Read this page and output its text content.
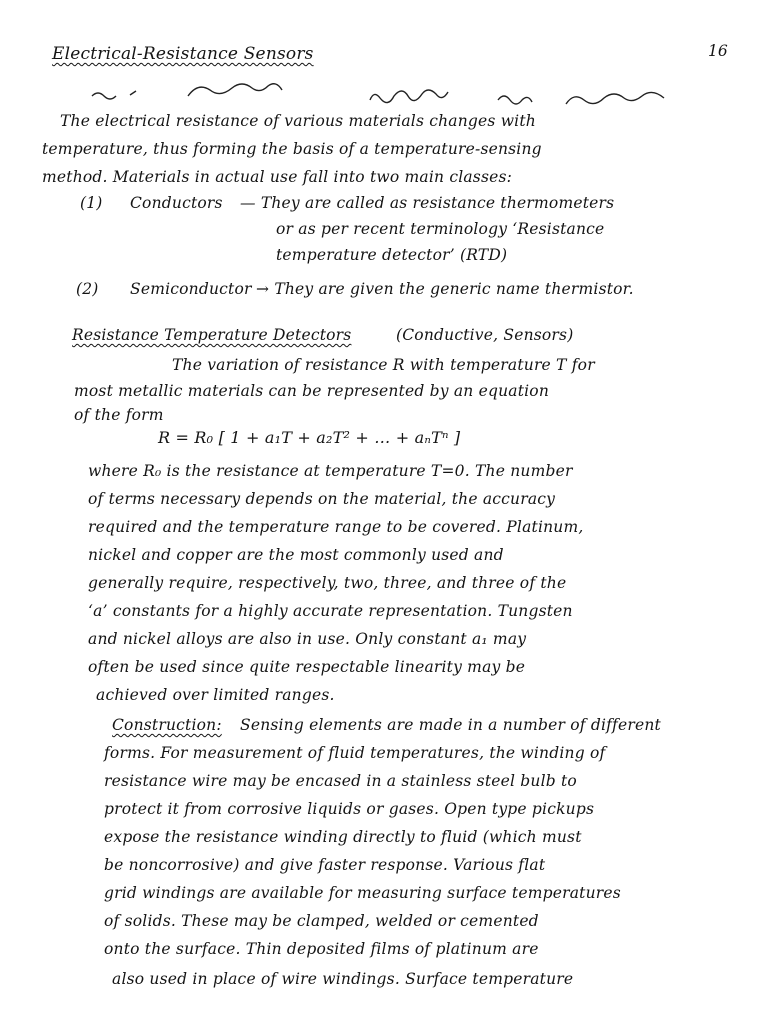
Electrical-Resistance Sensors	16
The electrical resistance of various materials changes with
temperature, thus forming the basis of a temperature-sensing
method. Materials in actual use fall into two main classes:
(1) Conductors — They are called as resistance thermometers
or as per recent terminology ‘Resistance
temperature detector’ (RTD)
(2) Semiconductor → They are given the generic name thermistor.
Resistance Temperature Detectors	(Conductive, Sensors)
The variation of resistance R with temperature T for
most metallic materials can be represented by an equation
of the form
R = R₀ [ 1 + a₁T + a₂T² + … + aₙTⁿ ]
where R₀ is the resistance at temperature T=0. The number
of terms necessary depends on the material, the accuracy
required and the temperature range to be covered. Platinum,
nickel and copper are the most commonly used and
generally require, respectively, two, three, and three of the
‘a’ constants for a highly accurate representation. Tungsten
and nickel alloys are also in use. Only constant a₁ may
often be used since quite respectable linearity may be
achieved over limited ranges.
Construction: Sensing elements are made in a number of different
forms. For measurement of fluid temperatures, the winding of
resistance wire may be encased in a stainless steel bulb to
protect it from corrosive liquids or gases. Open type pickups
expose the resistance winding directly to fluid (which must
be noncorrosive) and give faster response. Various flat
grid windings are available for measuring surface temperatures
of solids. These may be clamped, welded or cemented
onto the surface. Thin deposited films of platinum are
also used in place of wire windings. Surface temperature
